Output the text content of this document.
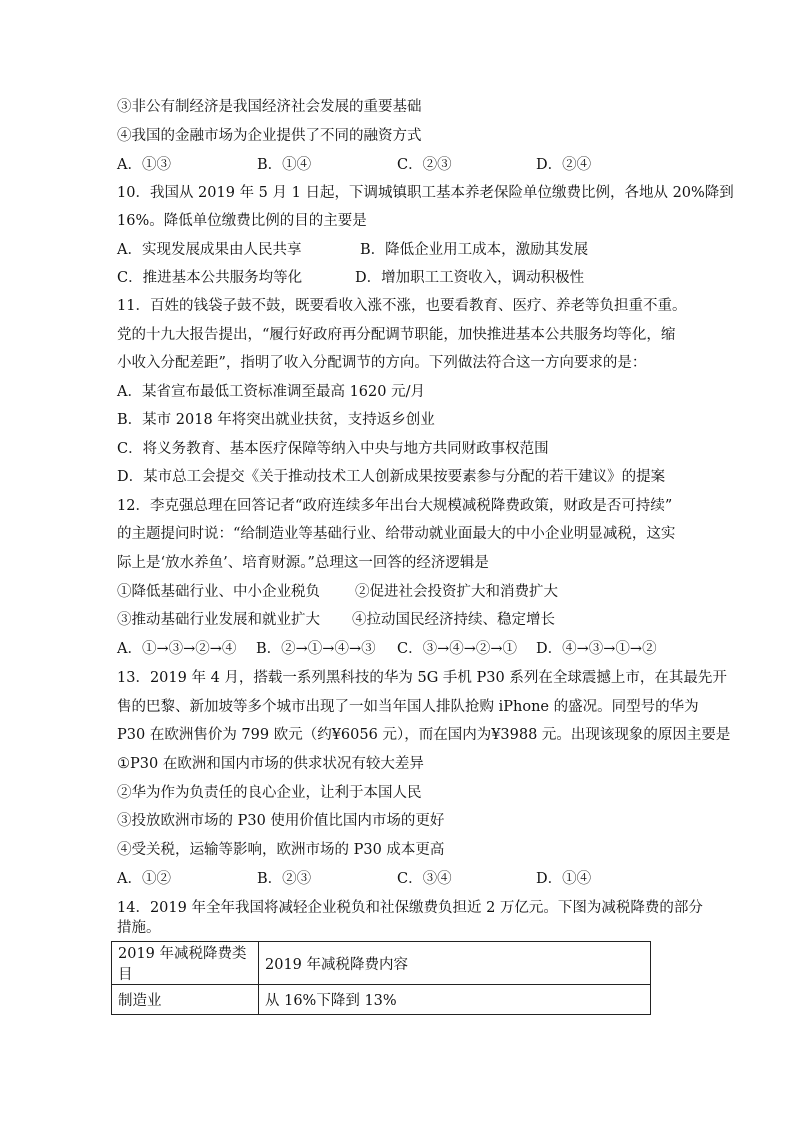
③非公有制经济是我国经济社会发展的重要基础
④我国的金融市场为企业提供了不同的融资方式
A．①③	B．①④	C．②③	D．②④
10．我国从 2019 年 5 月 1 日起，下调城镇职工基本养老保险单位缴费比例，各地从 20%降到
16%。降低单位缴费比例的目的主要是
A．实现发展成果由人民共享	B．降低企业用工成本，激励其发展
C．推进基本公共服务均等化	D．增加职工工资收入，调动积极性
11．百姓的钱袋子鼓不鼓，既要看收入涨不涨，也要看教育、医疗、养老等负担重不重。
党的十九大报告提出，“履行好政府再分配调节职能，加快推进基本公共服务均等化，缩
小收入分配差距”，指明了收入分配调节的方向。下列做法符合这一方向要求的是：
A．某省宣布最低工资标准调至最高 1620 元/月
B．某市 2018 年将突出就业扶贫，支持返乡创业
C．将义务教育、基本医疗保障等纳入中央与地方共同财政事权范围
D．某市总工会提交《关于推动技术工人创新成果按要素参与分配的若干建议》的提案
12．李克强总理在回答记者“政府连续多年出台大规模减税降费政策，财政是否可持续”
的主题提问时说：“给制造业等基础行业、给带动就业面最大的中小企业明显减税，这实
际上是‘放水养鱼’、培育财源。”总理这一回答的经济逻辑是
①降低基础行业、中小企业税负 ②促进社会投资扩大和消费扩大
③推动基础行业发展和就业扩大 ④拉动国民经济持续、稳定增长
A．①→③→②→④ B．②→①→④→③ C．③→④→②→① D．④→③→①→②
13．2019 年 4 月，搭载一系列黑科技的华为 5G 手机 P30 系列在全球震撼上市，在其最先开
售的巴黎、新加坡等多个城市出现了一如当年国人排队抢购 iPhone 的盛况。同型号的华为
P30 在欧洲售价为 799 欧元（约¥6056 元），而在国内为¥3988 元。出现该现象的原因主要是
①P30 在欧洲和国内市场的供求状况有较大差异
②华为作为负责任的良心企业，让利于本国人民
③投放欧洲市场的 P30 使用价值比国内市场的更好
④受关税，运输等影响，欧洲市场的 P30 成本更高
A．①②	B．②③	C．③④	D．①④
14．2019 年全年我国将减轻企业税负和社保缴费负担近 2 万亿元。下图为减税降费的部分
措施。
2019 年减税降费类目	2019 年减税降费内容
制造业	从 16%下降到 13%
